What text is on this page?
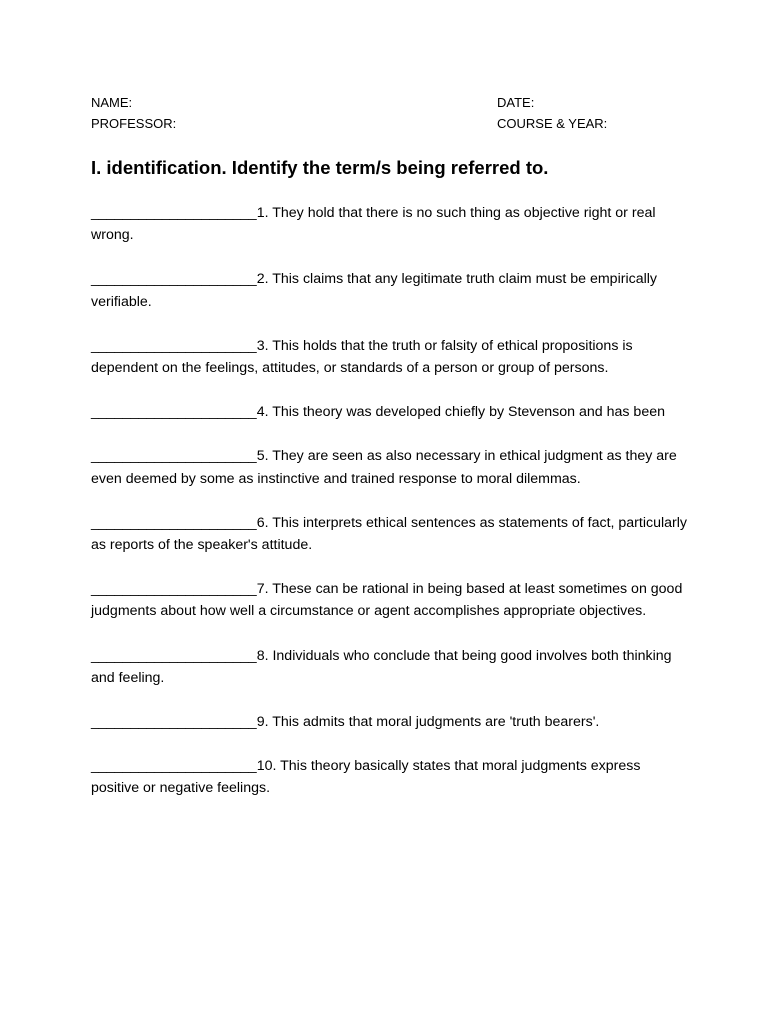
NAME:	DATE:
PROFESSOR:	COURSE & YEAR:
I. identification. Identify the term/s being referred to.

_____________________1. They hold that there is no such thing as objective right or real wrong.

_____________________2. This claims that any legitimate truth claim must be empirically verifiable.

_____________________3. This holds that the truth or falsity of ethical propositions is dependent on the feelings, attitudes, or standards of a person or group of persons.

_____________________4. This theory was developed chiefly by Stevenson and has been

_____________________5. They are seen as also necessary in ethical judgment as they are even deemed by some as instinctive and trained response to moral dilemmas.

_____________________6. This interprets ethical sentences as statements of fact, particularly as reports of the speaker's attitude.

_____________________7. These can be rational in being based at least sometimes on good judgments about how well a circumstance or agent accomplishes appropriate objectives.

_____________________8. Individuals who conclude that being good involves both thinking and feeling.

_____________________9. This admits that moral judgments are 'truth bearers'.

_____________________10. This theory basically states that moral judgments express positive or negative feelings.
